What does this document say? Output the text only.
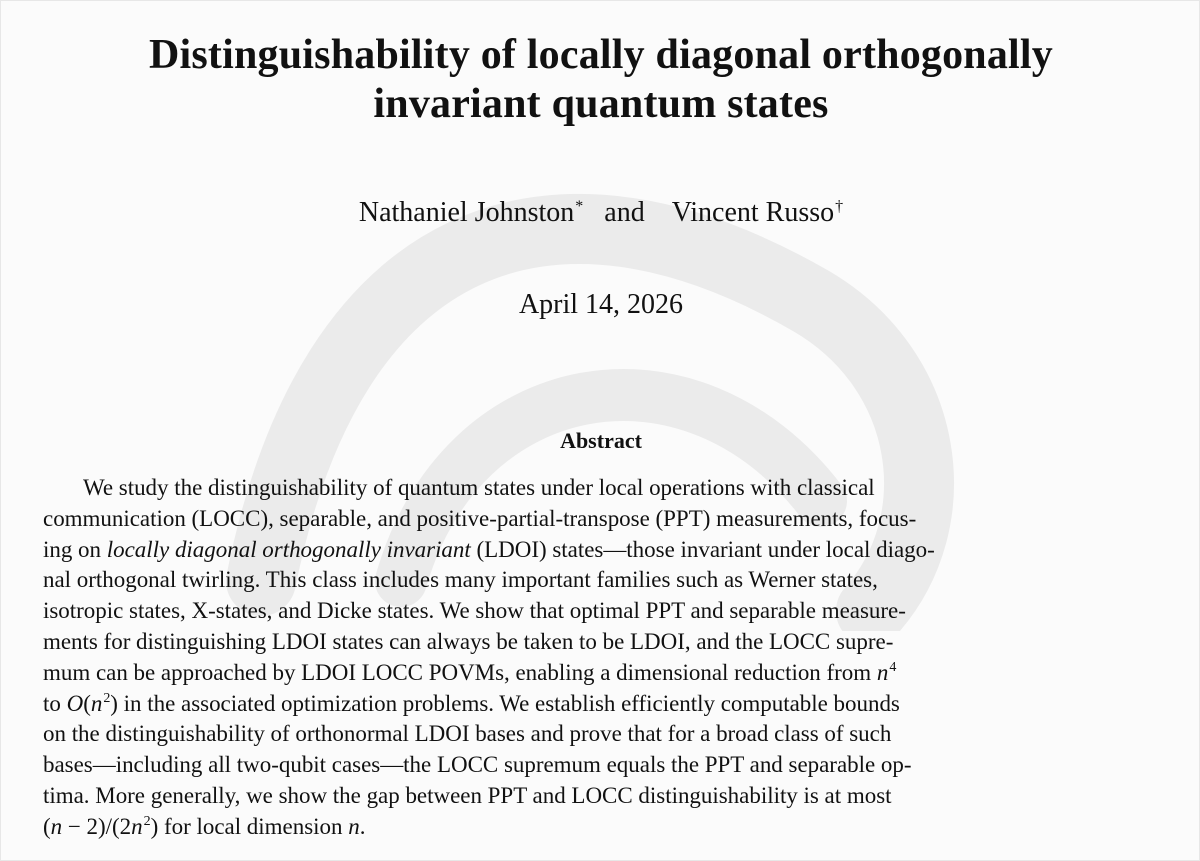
Distinguishability of locally diagonal orthogonally
invariant quantum states
Nathaniel Johnston* and Vincent Russo†
April 14, 2026
Abstract
We study the distinguishability of quantum states under local operations with classical
communication (LOCC), separable, and positive-partial-transpose (PPT) measurements, focus-
ing on locally diagonal orthogonally invariant (LDOI) states—those invariant under local diago-
nal orthogonal twirling. This class includes many important families such as Werner states,
isotropic states, X-states, and Dicke states. We show that optimal PPT and separable measure-
ments for distinguishing LDOI states can always be taken to be LDOI, and the LOCC supre-
mum can be approached by LDOI LOCC POVMs, enabling a dimensional reduction from $n^4$
to $O(n^2)$ in the associated optimization problems. We establish efficiently computable bounds
on the distinguishability of orthonormal LDOI bases and prove that for a broad class of such
bases—including all two-qubit cases—the LOCC supremum equals the PPT and separable op-
tima. More generally, we show the gap between PPT and LOCC distinguishability is at most
$(n - 2)/(2n^2)$ for local dimension n.
